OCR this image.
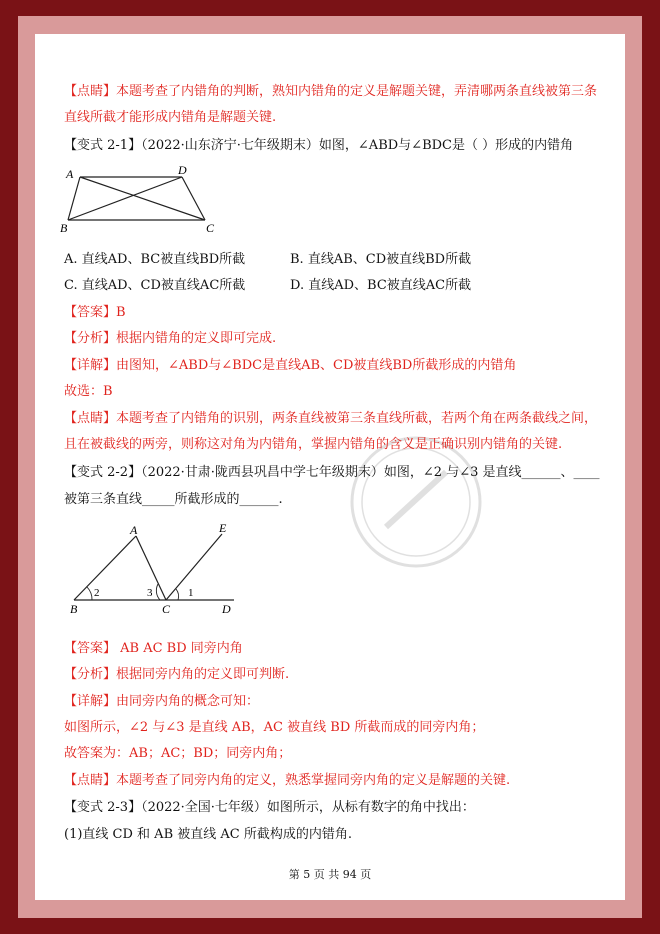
【点睛】本题考查了内错角的判断，熟知内错角的定义是解题关键，弄清哪两条直线被第三条
直线所截才能形成内错角是解题关键.
【变式 2-1】（2022·山东济宁·七年级期末）如图，∠ABD与∠BDC是（ ）形成的内错角
A	D
B	C
A. 直线AD、BC被直线BD所截	B. 直线AB、CD被直线BD所截
C. 直线AD、CD被直线AC所截	D. 直线AD、BC被直线AC所截
【答案】B
【分析】根据内错角的定义即可完成.
【详解】由图知，∠ABD与∠BDC是直线AB、CD被直线BD所截形成的内错角
故选：B
【点睛】本题考查了内错角的识别，两条直线被第三条直线所截，若两个角在两条截线之间，
且在被截线的两旁，则称这对角为内错角，掌握内错角的含义是正确识别内错角的关键.
【变式 2-2】（2022·甘肃·陇西县巩昌中学七年级期末）如图，∠2 与∠3 是直线______、____
被第三条直线_____所截形成的______.
A	E
B	C	D
2	3	1
【答案】 AB AC BD 同旁内角
【分析】根据同旁内角的定义即可判断.
【详解】由同旁内角的概念可知：
如图所示，∠2 与∠3 是直线 AB，AC 被直线 BD 所截而成的同旁内角；
故答案为：AB；AC；BD；同旁内角；
【点睛】本题考查了同旁内角的定义，熟悉掌握同旁内角的定义是解题的关键.
【变式 2-3】（2022·全国·七年级）如图所示，从标有数字的角中找出：
(1)直线 CD 和 AB 被直线 AC 所截构成的内错角.
第 5 页 共 94 页
